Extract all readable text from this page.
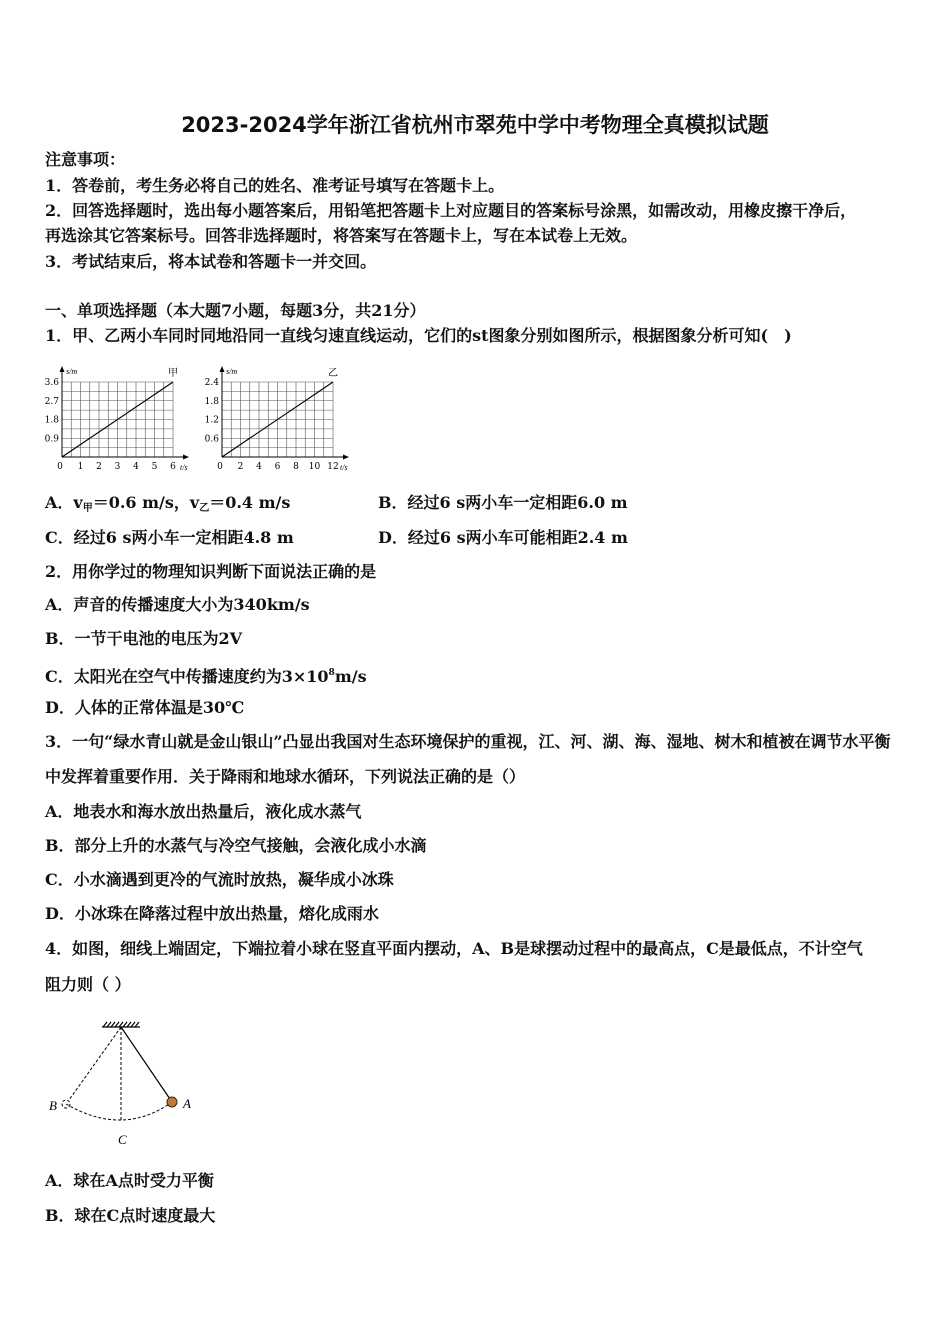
2023-2024学年浙江省杭州市翠苑中学中考物理全真模拟试题
注意事项：
1．答卷前，考生务必将自己的姓名、准考证号填写在答题卡上。
2．回答选择题时，选出每小题答案后，用铅笔把答题卡上对应题目的答案标号涂黑，如需改动，用橡皮擦干净后，
再选涂其它答案标号。回答非选择题时，将答案写在答题卡上，写在本试卷上无效。
3．考试结束后，将本试卷和答题卡一并交回。
一、单项选择题（本大题7小题，每题3分，共21分）
1．甲、乙两小车同时同地沿同一直线匀速直线运动，它们的st图象分别如图所示，根据图象分析可知(　)
0.9
1.8
2.7
3.6
1 2 3 4 5 6
0
s/m
t/s
甲
0.6
1.2
1.8
2.4
2 4 6 8 10 12
0
s/m
t/s
乙
A．$v_甲=0.6$ m/s，$v_乙=0.4$ m/s	B．经过6 s两小车一定相距6.0 m
C．经过6 s两小车一定相距4.8 m	D．经过6 s两小车可能相距2.4 m
2．用你学过的物理知识判断下面说法正确的是
A．声音的传播速度大小为340km/s
B．一节干电池的电压为2V
C．太阳光在空气中传播速度约为$3\times 10^8m/s$
D．人体的正常体温是30℃
3．一句“绿水青山就是金山银山”凸显出我国对生态环境保护的重视，江、河、湖、海、湿地、树木和植被在调节水平衡
中发挥着重要作用．关于降雨和地球水循环，下列说法正确的是（）
A．地表水和海水放出热量后，液化成水蒸气
B．部分上升的水蒸气与冷空气接触，会液化成小水滴
C．小水滴遇到更冷的气流时放热，凝华成小冰珠
D．小冰珠在降落过程中放出热量，熔化成雨水
4．如图，细线上端固定，下端拉着小球在竖直平面内摆动，A、B是球摆动过程中的最高点，C是最低点，不计空气
阻力则（ ）
A
B
C
A．球在A点时受力平衡
B．球在C点时速度最大
